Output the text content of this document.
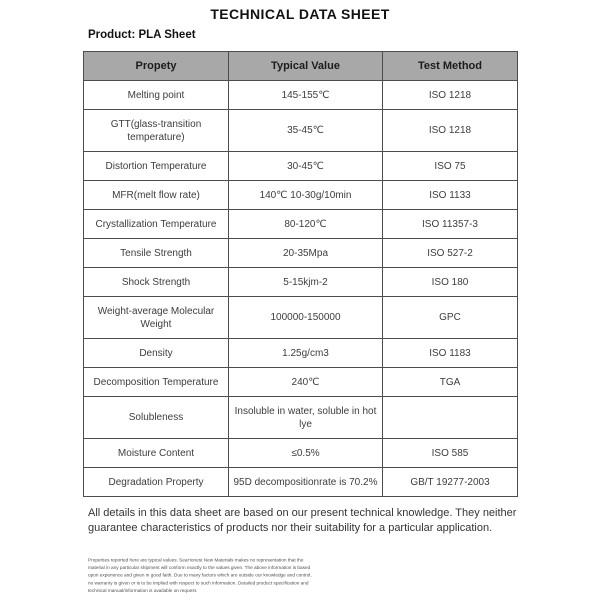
TECHNICAL DATA SHEET
Product: PLA Sheet
Propety	Typical Value	Test Method
Melting point	145-155℃	ISO 1218
GTT(glass-transition temperature)	35-45℃	ISO 1218
Distortion Temperature	30-45℃	ISO 75
MFR(melt flow rate)	140℃ 10-30g/10min	ISO 1133
Crystallization Temperature	80-120℃	ISO 11357-3
Tensile Strength	20-35Mpa	ISO 527-2
Shock Strength	5-15kjm-2	ISO 180
Weight-average Molecular Weight	100000-150000	GPC
Density	1.25g/cm3	ISO 1183
Decomposition Temperature	240℃	TGA
Solubleness	Insoluble in water, soluble in hot lye	
Moisture Content	≤0.5%	ISO 585
Degradation Property	95D decompositionrate is 70.2%	GB/T 19277-2003
All details in this data sheet are based on our present technical knowledge. They neither guarantee characteristics of products nor their suitability for a particular application.
Properties reported here are typical values. SeaHonest New Materials makes no representation that the material in any particular shipment will conform exactly to the values given. The above information is based upon experience and given in good faith. Due to many factors which are outside our knowledge and control, no warranty is given or is to be implied with respect to such information. Detailed product specification and technical manual/information is available on request.
